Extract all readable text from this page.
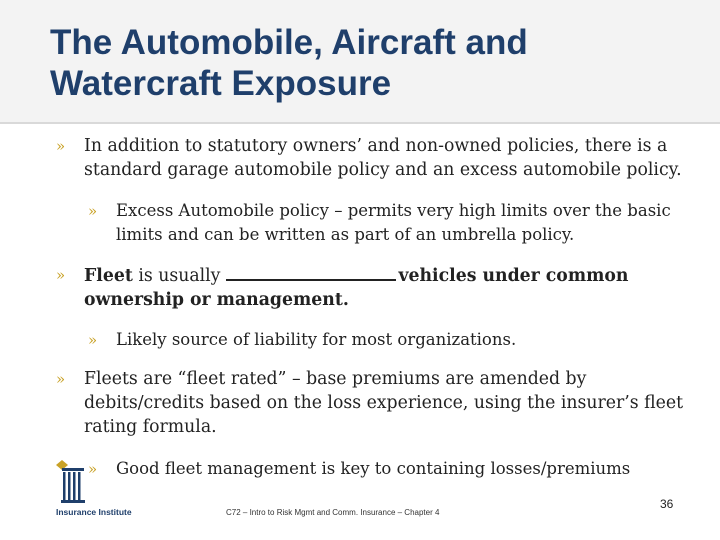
The Automobile, Aircraft and
Watercraft Exposure
» In addition to statutory owners’ and non-owned policies, there is a standard garage automobile policy and an excess automobile policy.
» Excess Automobile policy – permits very high limits over the basic limits and can be written as part of an umbrella policy.
» Fleet is usually	vehicles under common ownership or management.
» Likely source of liability for most organizations.
» Fleets are “fleet rated” – base premiums are amended by debits/credits based on the loss experience, using the insurer’s fleet rating formula.
» Good fleet management is key to containing losses/premiums
Insurance Institute	C72 – Intro to Risk Mgmt and Comm. Insurance – Chapter 4
36
